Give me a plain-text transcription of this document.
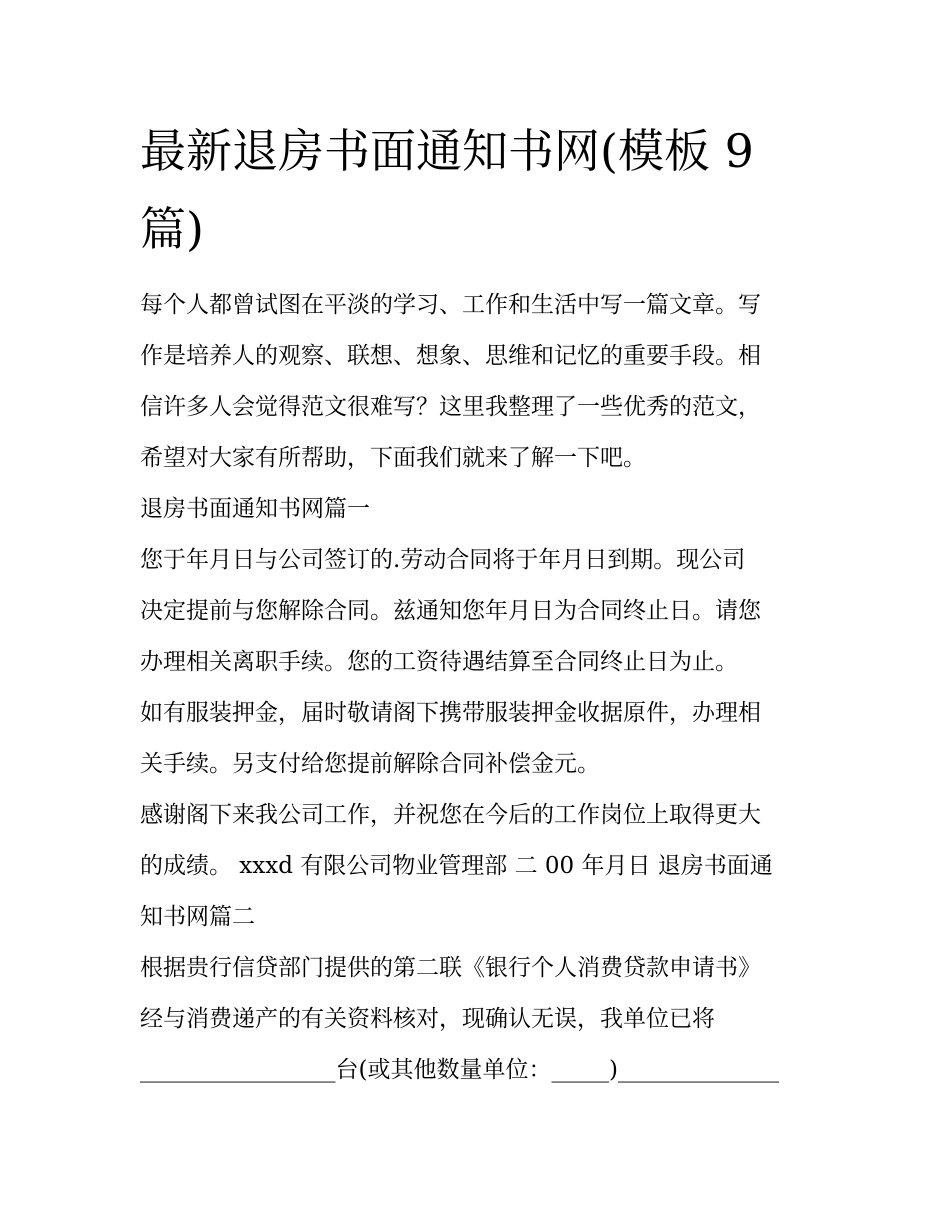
最新退房书面通知书网(模板 9
篇)
每个人都曾试图在平淡的学习、工作和生活中写一篇文章。写
作是培养人的观察、联想、想象、思维和记忆的重要手段。相
信许多人会觉得范文很难写？这里我整理了一些优秀的范文，
希望对大家有所帮助，下面我们就来了解一下吧。
退房书面通知书网篇一
您于年月日与公司签订的.劳动合同将于年月日到期。现公司
决定提前与您解除合同。兹通知您年月日为合同终止日。请您
办理相关离职手续。您的工资待遇结算至合同终止日为止。
如有服装押金，届时敬请阁下携带服装押金收据原件，办理相
关手续。另支付给您提前解除合同补偿金元。
感谢阁下来我公司工作，并祝您在今后的工作岗位上取得更大
的成绩。 xxxd 有限公司物业管理部 二 00 年月日 退房书面通
知书网篇二
根据贵行信贷部门提供的第二联《银行个人消费贷款申请书》
经与消费递产的有关资料核对，现确认无误，我单位已将
_________________台(或其他数量单位：_____)______________
